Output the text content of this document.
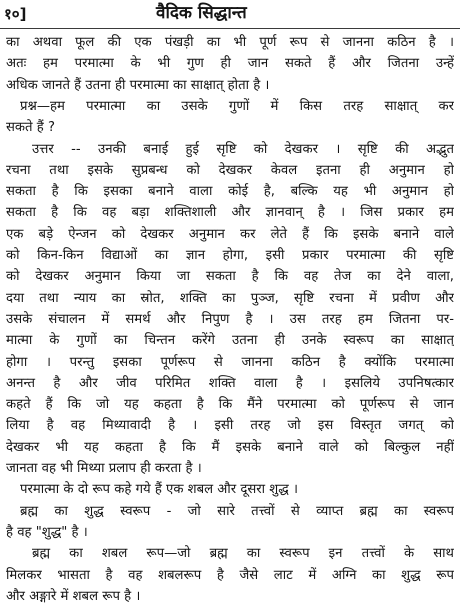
१०]	वैदिक सिद्धान्त
का अथवा फूल की एक पंखड़ी का भी पूर्ण रूप से जानना कठिन है ।
अतः हम परमात्मा के भी गुण ही जान सकते हैं और जितना उन्हें
अधिक जानते हैं उतना ही परमात्मा का साक्षात् होता है ।
प्रश्न—हम परमात्मा का उसके गुणों में किस तरह साक्षात् कर
सकते हैं ?
उत्तर -- उनकी बनाई हुई सृष्टि को देखकर । सृष्टि की अद्भुत
रचना तथा इसके सुप्रबन्ध को देखकर केवल इतना ही अनुमान हो
सकता है कि इसका बनाने वाला कोई है, बल्कि यह भी अनुमान हो
सकता है कि वह बड़ा शक्तिशाली और ज्ञानवान् है । जिस प्रकार हम
एक बड़े ऐन्जन को देखकर अनुमान कर लेते हैं कि इसके बनाने वाले
को किन-किन विद्याओं का ज्ञान होगा, इसी प्रकार परमात्मा की सृष्टि
को देखकर अनुमान किया जा सकता है कि वह तेज का देने वाला,
दया तथा न्याय का स्रोत, शक्ति का पुञ्ज, सृष्टि रचना में प्रवीण और
उसके संचालन में समर्थ और निपुण है । उस तरह हम जितना पर-
मात्मा के गुणों का चिन्तन करेंगे उतना ही उनके स्वरूप का साक्षात्
होगा । परन्तु इसका पूर्णरूप से जानना कठिन है क्योंकि परमात्मा
अनन्त है और जीव परिमित शक्ति वाला है । इसलिये उपनिषत्कार
कहते हैं कि जो यह कहता है कि मैंने परमात्मा को पूर्णरूप से जान
लिया है वह मिथ्यावादी है । इसी तरह जो इस विस्तृत जगत् को
देखकर भी यह कहता है कि मैं इसके बनाने वाले को बिल्कुल नहीं
जानता वह भी मिथ्या प्रलाप ही करता है ।
परमात्मा के दो रूप कहे गये हैं एक शबल और दूसरा शुद्ध ।
ब्रह्म का शुद्ध स्वरूप - जो सारे तत्त्वों से व्याप्त ब्रह्म का स्वरूप
है वह "शुद्ध" है ।
ब्रह्म का शबल रूप—जो ब्रह्म का स्वरूप इन तत्त्वों के साथ
मिलकर भासता है वह शबलरूप है जैसे लाट में अग्नि का शुद्ध रूप
और अङ्गारे में शबल रूप है ।
